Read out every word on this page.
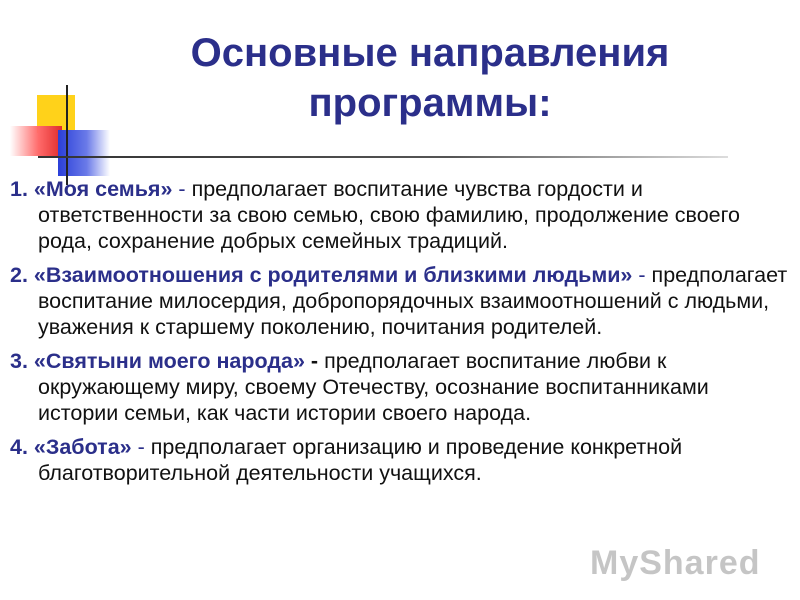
Основные направления программы:
1. «Моя семья» - предполагает воспитание чувства гордости и ответственности за свою семью, свою фамилию, продолжение своего рода, сохранение добрых семейных традиций.
2. «Взаимоотношения с родителями и близкими людьми» - предполагает воспитание милосердия, добропорядочных взаимоотношений с людьми, уважения к старшему поколению, почитания родителей.
3. «Святыни моего народа» - предполагает воспитание любви к окружающему миру, своему Отечеству, осознание воспитанниками истории семьи, как части истории своего народа.
4. «Забота» - предполагает организацию и проведение конкретной благотворительной деятельности учащихся.
MyShared
